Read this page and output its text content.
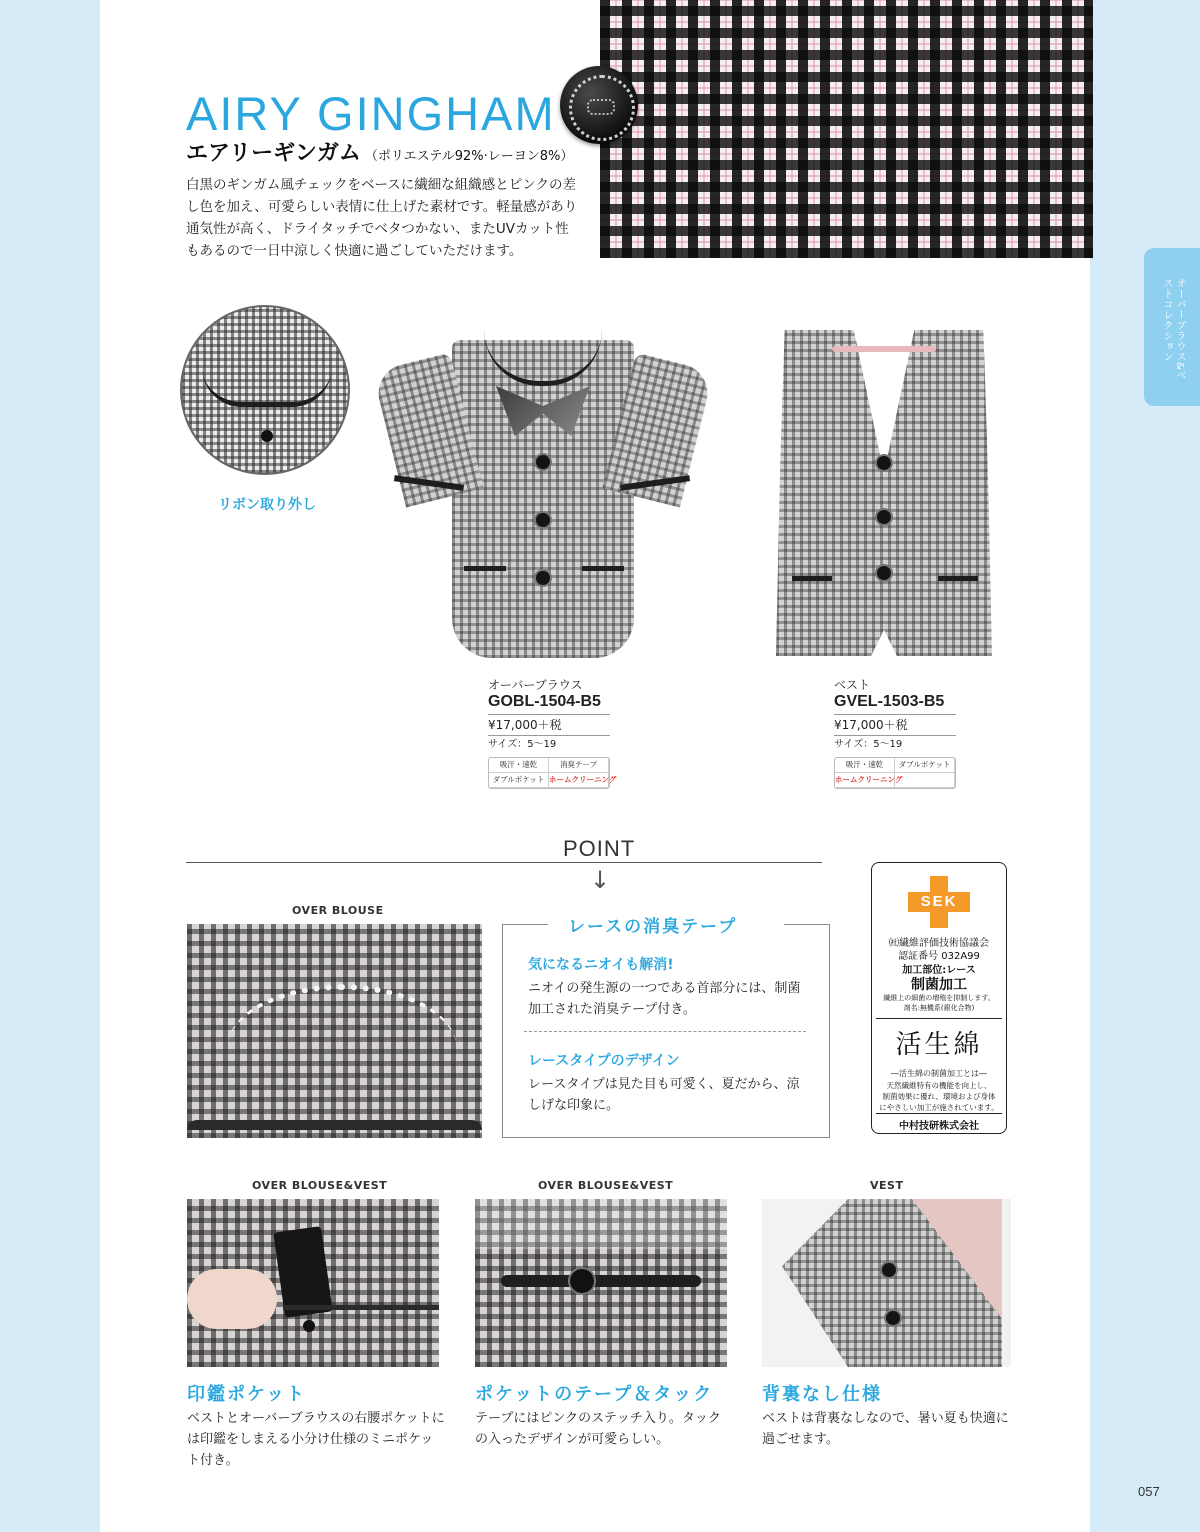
オーバーブラウス&ベストコレクション
AIRY GINGHAM
エアリーギンガム （ポリエステル92%·レーヨン8%）
白黒のギンガム風チェックをベースに繊細な組織感とピンクの差し色を加え、可愛らしい表情に仕上げた素材です。軽量感があり通気性が高く、ドライタッチでベタつかない、またUVカット性もあるので一日中涼しく快適に過ごしていただけます。
リボン取り外し
オーバーブラウス
GOBL-1504-B5
¥17,000＋税
サイズ：5～19
吸汗・速乾	消臭テープ
ダブルポケット ホームクリーニング
ベスト
GVEL-1503-B5
¥17,000＋税
サイズ：5～19
吸汗・速乾	ダブルポケット
ホームクリーニング
POINT
↓
OVER BLOUSE
レースの消臭テープ
気になるニオイも解消!
ニオイの発生源の一つである首部分には、制菌加工された消臭テープ付き。
レースタイプのデザイン
レースタイプは見た目も可愛く、夏だから、涼しげな印象に。
SEK
㈳繊維評価技術協議会
認証番号 032A99
加工部位:レース
制菌加工
繊維上の細菌の増殖を抑制します。
剤名:無機系(銀化合物)
活生綿
―活生綿の制菌加工とは―
天然繊維特有の機能を向上し、
制菌効果に優れ、環境および身体
にやさしい加工が施されています。
中村技研株式会社
OVER BLOUSE&VEST	OVER BLOUSE&VEST	VEST
印鑑ポケット
ベストとオーバーブラウスの右腰ポケットには印鑑をしまえる小分け仕様のミニポケット付き。
ポケットのテープ＆タック
テープにはピンクのステッチ入り。タックの入ったデザインが可愛らしい。
背裏なし仕様
ベストは背裏なしなので、暑い夏も快適に過ごせます。
057
